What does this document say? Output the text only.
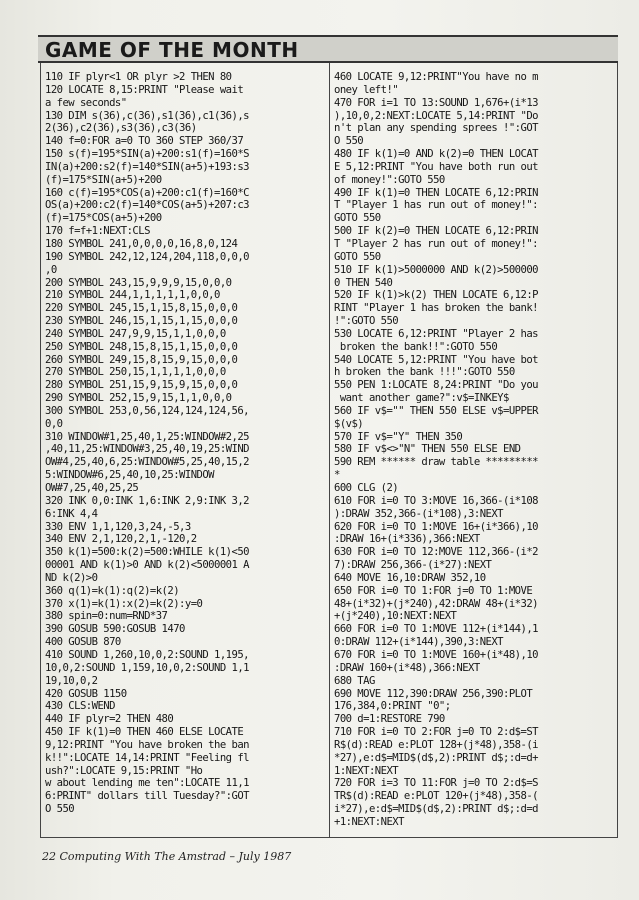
GAME OF THE MONTH
110 IF plyr<1 OR plyr >2 THEN 80
120 LOCATE 8,15:PRINT "Please wait
a few seconds"
130 DIM s(36),c(36),s1(36),c1(36),s
2(36),c2(36),s3(36),c3(36)
140 f=0:FOR a=0 TO 360 STEP 360/37
150 s(f)=195*SIN(a)+200:s1(f)=160*S
IN(a)+200:s2(f)=140*SIN(a+5)+193:s3
(f)=175*SIN(a+5)+200
160 c(f)=195*COS(a)+200:c1(f)=160*C
OS(a)+200:c2(f)=140*COS(a+5)+207:c3
(f)=175*COS(a+5)+200
170 f=f+1:NEXT:CLS
180 SYMBOL 241,0,0,0,0,16,8,0,124
190 SYMBOL 242,12,124,204,118,0,0,0
,0
200 SYMBOL 243,15,9,9,9,15,0,0,0
210 SYMBOL 244,1,1,1,1,1,0,0,0
220 SYMBOL 245,15,1,15,8,15,0,0,0
230 SYMBOL 246,15,1,15,1,15,0,0,0
240 SYMBOL 247,9,9,15,1,1,0,0,0
250 SYMBOL 248,15,8,15,1,15,0,0,0
260 SYMBOL 249,15,8,15,9,15,0,0,0
270 SYMBOL 250,15,1,1,1,1,0,0,0
280 SYMBOL 251,15,9,15,9,15,0,0,0
290 SYMBOL 252,15,9,15,1,1,0,0,0
300 SYMBOL 253,0,56,124,124,124,56,
0,0
310 WINDOW#1,25,40,1,25:WINDOW#2,25
,40,11,25:WINDOW#3,25,40,19,25:WIND
OW#4,25,40,6,25:WINDOW#5,25,40,15,2
5:WINDOW#6,25,40,10,25:WINDOW
OW#7,25,40,25,25
320 INK 0,0:INK 1,6:INK 2,9:INK 3,2
6:INK 4,4
330 ENV 1,1,120,3,24,-5,3
340 ENV 2,1,120,2,1,-120,2
350 k(1)=500:k(2)=500:WHILE k(1)<50
00001 AND k(1)>0 AND k(2)<5000001 A
ND k(2)>0
360 q(1)=k(1):q(2)=k(2)
370 x(1)=k(1):x(2)=k(2):y=0
380 spin=0:num=RND*37
390 GOSUB 590:GOSUB 1470
400 GOSUB 870
410 SOUND 1,260,10,0,2:SOUND 1,195,
10,0,2:SOUND 1,159,10,0,2:SOUND 1,1
19,10,0,2
420 GOSUB 1150
430 CLS:WEND
440 IF plyr=2 THEN 480
450 IF k(1)=0 THEN 460 ELSE LOCATE
9,12:PRINT "You have broken the ban
k!!":LOCATE 14,14:PRINT "Feeling fl
ush?":LOCATE 9,15:PRINT "Ho
w about lending me ten":LOCATE 11,1
6:PRINT" dollars till Tuesday?":GOT
O 550
460 LOCATE 9,12:PRINT"You have no m
oney left!"
470 FOR i=1 TO 13:SOUND 1,676+(i*13
),10,0,2:NEXT:LOCATE 5,14:PRINT "Do
n't plan any spending sprees !":GOT
O 550
480 IF k(1)=0 AND k(2)=0 THEN LOCAT
E 5,12:PRINT "You have both run out
of money!":GOTO 550
490 IF k(1)=0 THEN LOCATE 6,12:PRIN
T "Player 1 has run out of money!":
GOTO 550
500 IF k(2)=0 THEN LOCATE 6,12:PRIN
T "Player 2 has run out of money!":
GOTO 550
510 IF k(1)>5000000 AND k(2)>500000
0 THEN 540
520 IF k(1)>k(2) THEN LOCATE 6,12:P
RINT "Player 1 has broken the bank!
!":GOTO 550
530 LOCATE 6,12:PRINT "Player 2 has
broken the bank!!":GOTO 550
540 LOCATE 5,12:PRINT "You have bot
h broken the bank !!!":GOTO 550
550 PEN 1:LOCATE 8,24:PRINT "Do you
want another game?":v$=INKEY$
560 IF v$="" THEN 550 ELSE v$=UPPER
$(v$)
570 IF v$="Y" THEN 350
580 IF v$<>"N" THEN 550 ELSE END
590 REM ****** draw table *********
*
600 CLG (2)
610 FOR i=0 TO 3:MOVE 16,366-(i*108
):DRAW 352,366-(i*108),3:NEXT
620 FOR i=0 TO 1:MOVE 16+(i*366),10
:DRAW 16+(i*336),366:NEXT
630 FOR i=0 TO 12:MOVE 112,366-(i*2
7):DRAW 256,366-(i*27):NEXT
640 MOVE 16,10:DRAW 352,10
650 FOR i=0 TO 1:FOR j=0 TO 1:MOVE
48+(i*32)+(j*240),42:DRAW 48+(i*32)
+(j*240),10:NEXT:NEXT
660 FOR i=0 TO 1:MOVE 112+(i*144),1
0:DRAW 112+(i*144),390,3:NEXT
670 FOR i=0 TO 1:MOVE 160+(i*48),10
:DRAW 160+(i*48),366:NEXT
680 TAG
690 MOVE 112,390:DRAW 256,390:PLOT
176,384,0:PRINT "0";
700 d=1:RESTORE 790
710 FOR i=0 TO 2:FOR j=0 TO 2:d$=ST
R$(d):READ e:PLOT 128+(j*48),358-(i
*27),e:d$=MID$(d$,2):PRINT d$;:d=d+
1:NEXT:NEXT
720 FOR i=3 TO 11:FOR j=0 TO 2:d$=S
TR$(d):READ e:PLOT 120+(j*48),358-(
i*27),e:d$=MID$(d$,2):PRINT d$;:d=d
+1:NEXT:NEXT
22 Computing With The Amstrad – July 1987
